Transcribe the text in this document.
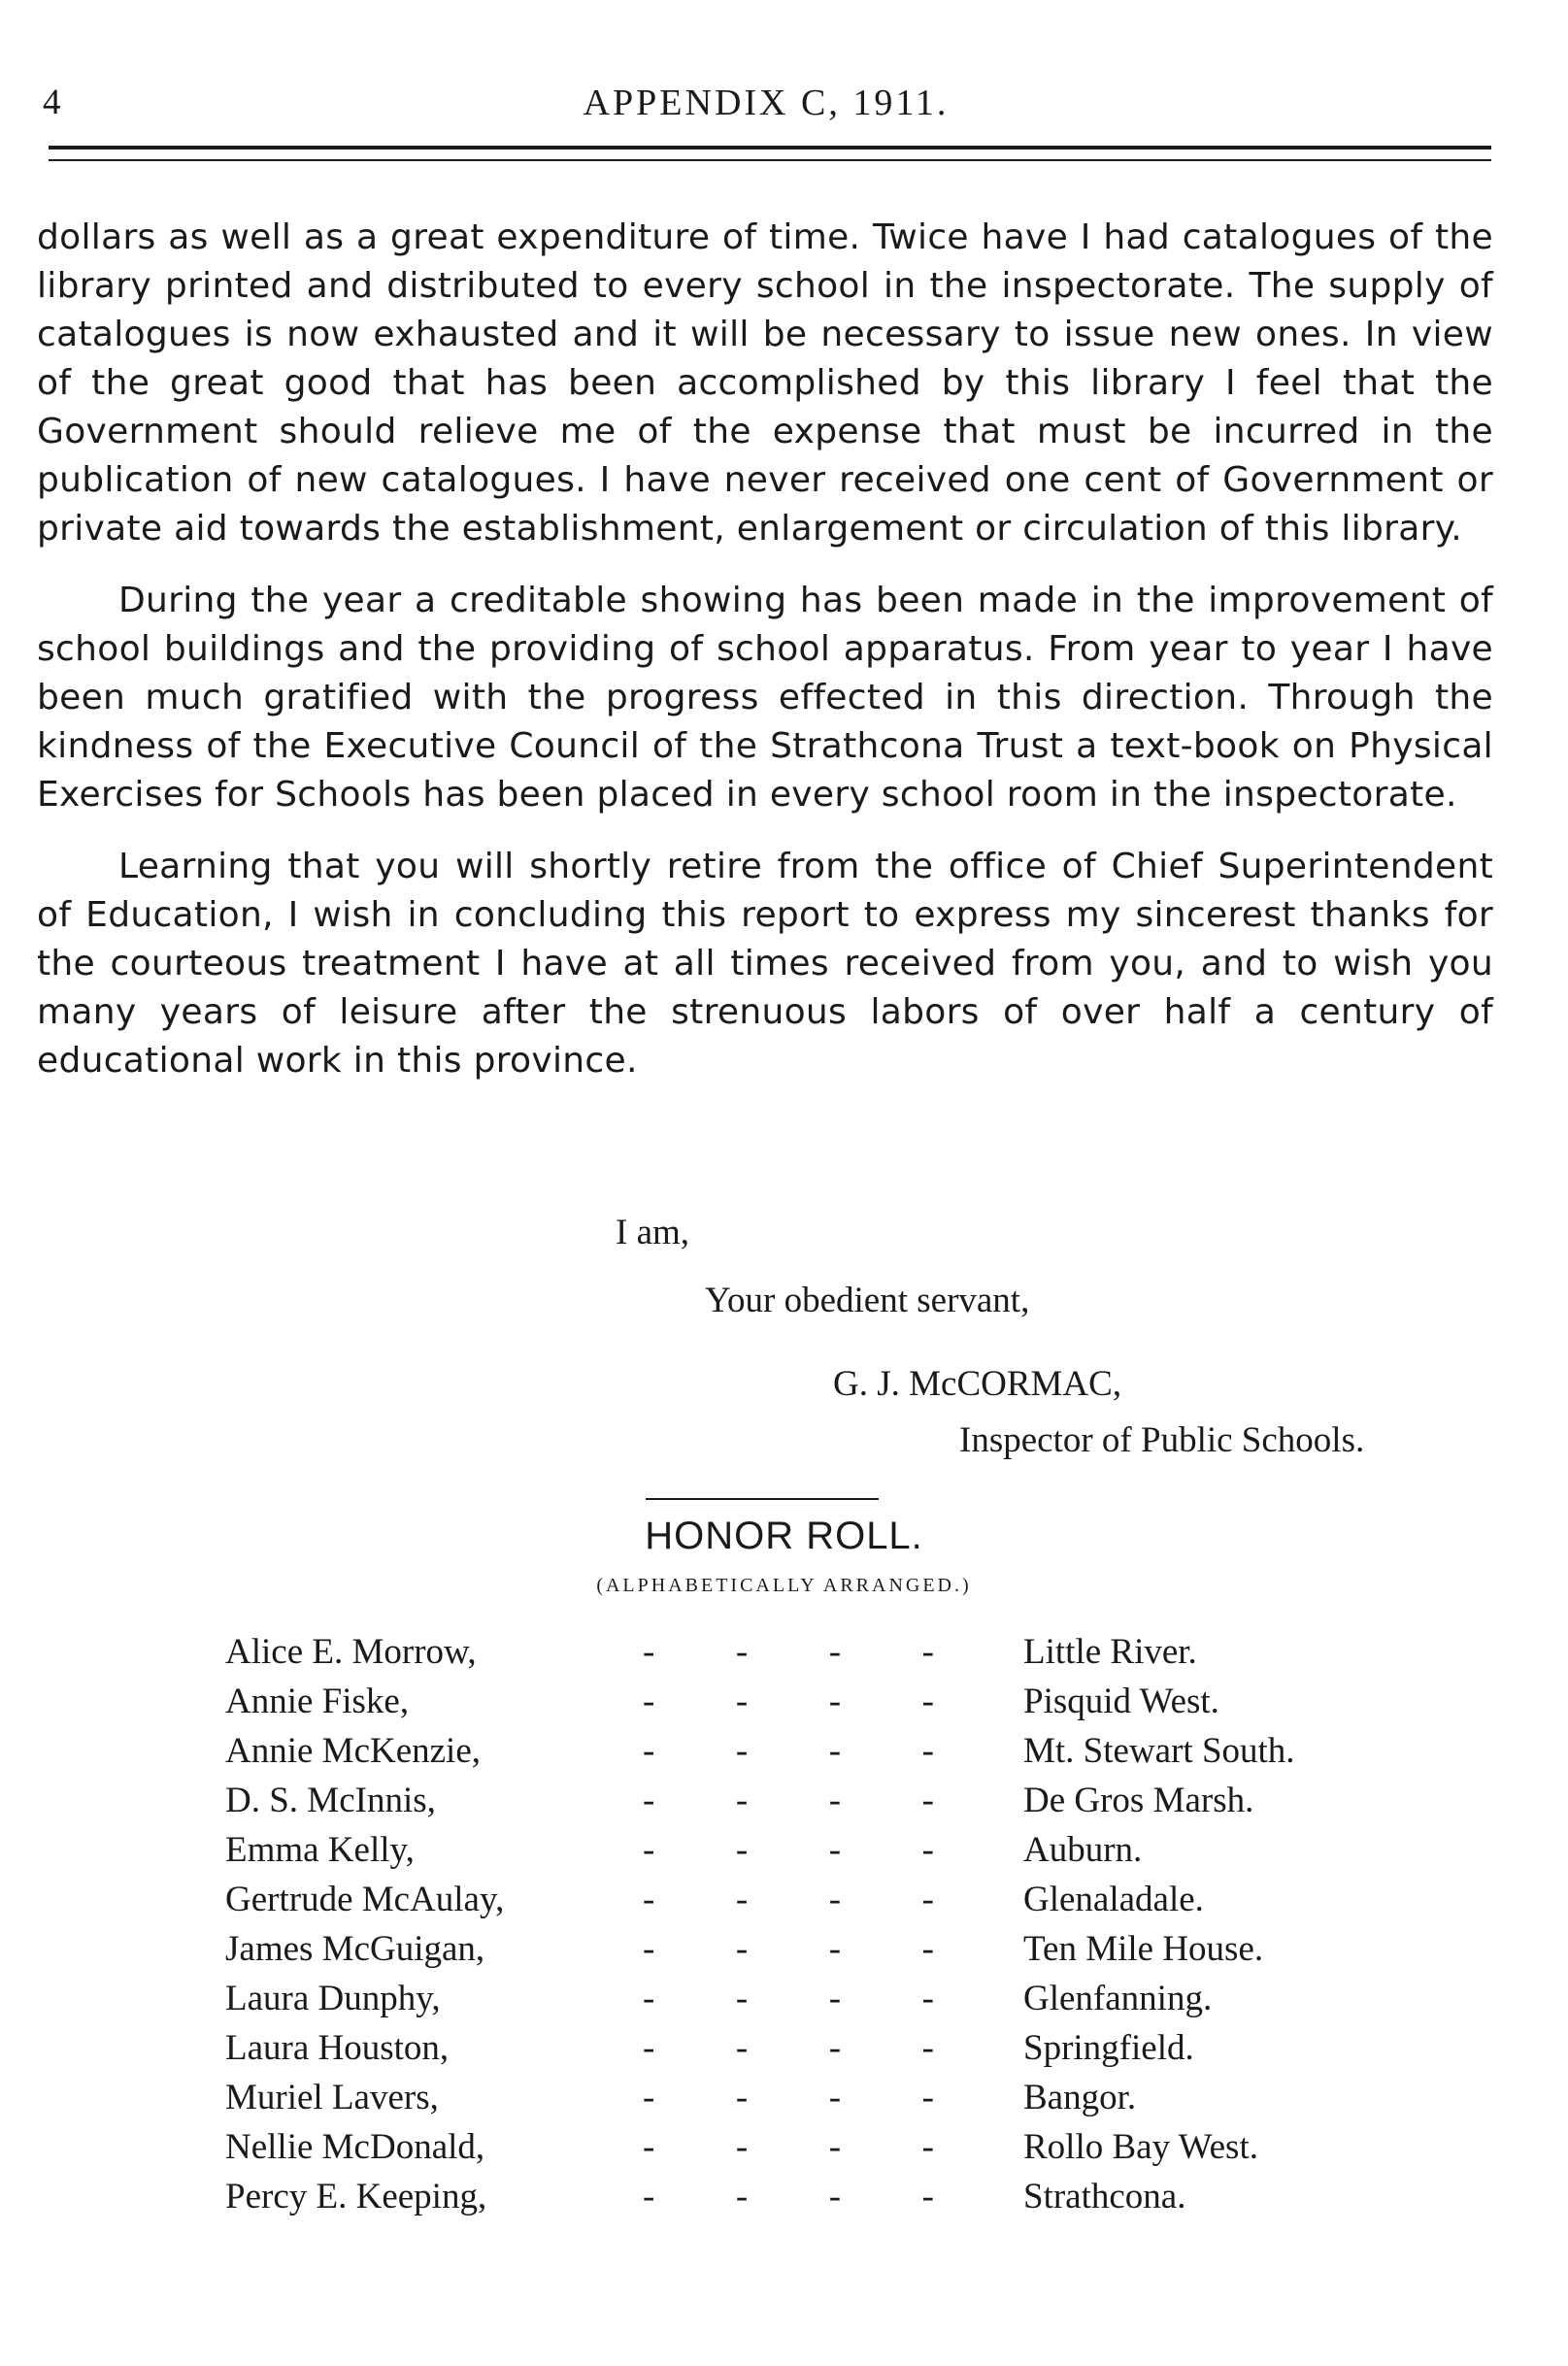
4	APPENDIX C, 1911.

dollars as well as a great expenditure of time. Twice have I had catalogues of the library printed and distributed to every school in the inspectorate. The supply of catalogues is now exhausted and it will be necessary to issue new ones. In view of the great good that has been accomplished by this library I feel that the Government should relieve me of the expense that must be incurred in the publication of new catalogues. I have never received one cent of Government or private aid towards the establishment, enlargement or circulation of this library.

During the year a creditable showing has been made in the improvement of school buildings and the providing of school apparatus. From year to year I have been much gratified with the progress effected in this direction. Through the kindness of the Executive Council of the Strathcona Trust a text-book on Physical Exercises for Schools has been placed in every school room in the inspectorate.

Learning that you will shortly retire from the office of Chief Superintendent of Education, I wish in concluding this report to express my sincerest thanks for the courteous treatment I have at all times received from you, and to wish you many years of leisure after the strenuous labors of over half a century of educational work in this province.

I am,
Your obedient servant,
G. J. McCORMAC,
Inspector of Public Schools.
HONOR ROLL.
(ALPHABETICALLY ARRANGED.)
Alice E. Morrow,	- - - - Little River.
Annie Fiske,	- - - - Pisquid West.
Annie McKenzie,	- - - - Mt. Stewart South.
D. S. McInnis,	- - - - De Gros Marsh.
Emma Kelly,	- - - - Auburn.
Gertrude McAulay,	- - - - Glenaladale.
James McGuigan,	- - - - Ten Mile House.
Laura Dunphy,	- - - - Glenfanning.
Laura Houston,	- - - - Springfield.
Muriel Lavers,	- - - - Bangor.
Nellie McDonald,	- - - - Rollo Bay West.
Percy E. Keeping,	- - - - Strathcona.
